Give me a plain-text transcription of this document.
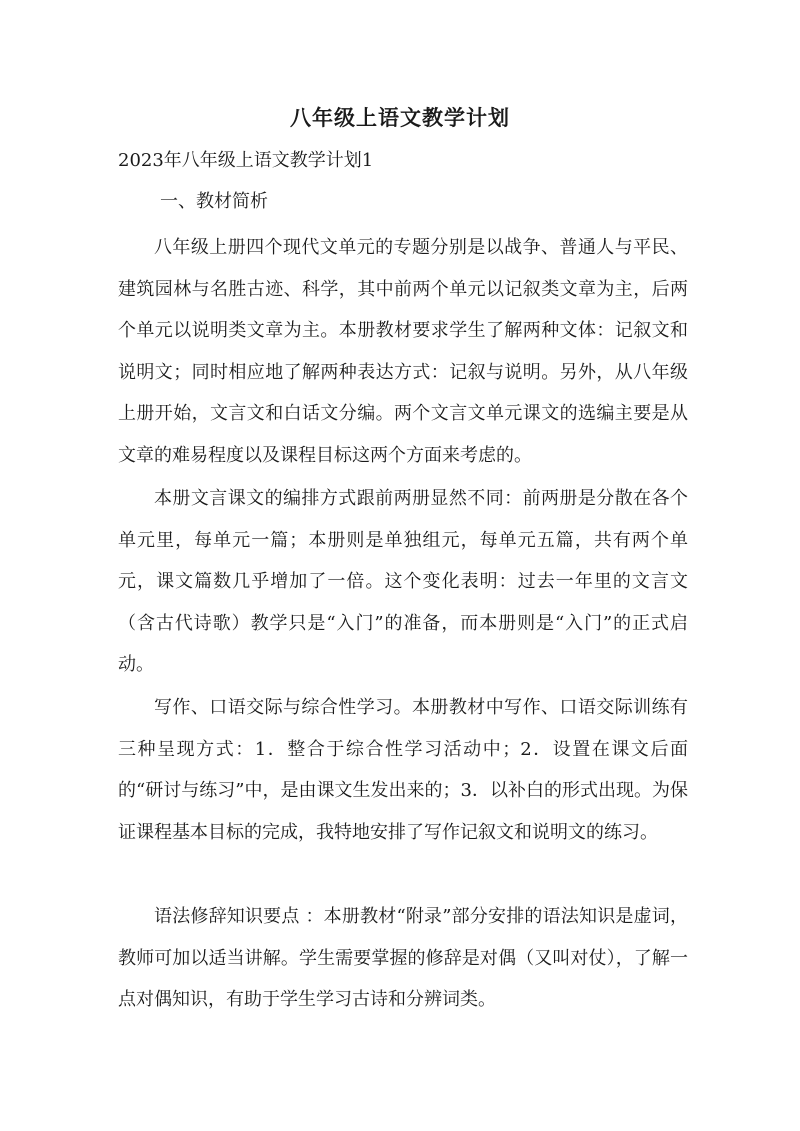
八年级上语文教学计划
2023年八年级上语文教学计划1
一、教材简析
八年级上册四个现代文单元的专题分别是以战争、普通人与平民、建筑园林与名胜古迹、科学，其中前两个单元以记叙类文章为主，后两个单元以说明类文章为主。本册教材要求学生了解两种文体：记叙文和说明文；同时相应地了解两种表达方式：记叙与说明。另外，从八年级上册开始，文言文和白话文分编。两个文言文单元课文的选编主要是从文章的难易程度以及课程目标这两个方面来考虑的。
本册文言课文的编排方式跟前两册显然不同：前两册是分散在各个单元里，每单元一篇；本册则是单独组元，每单元五篇，共有两个单元，课文篇数几乎增加了一倍。这个变化表明：过去一年里的文言文（含古代诗歌）教学只是“入门”的准备，而本册则是“入门”的正式启动。
写作、口语交际与综合性学习。本册教材中写作、口语交际训练有三种呈现方式：1．整合于综合性学习活动中；2．设置在课文后面的“研讨与练习”中，是由课文生发出来的；3．以补白的形式出现。为保证课程基本目标的完成，我特地安排了写作记叙文和说明文的练习。
语法修辞知识要点 ：本册教材“附录”部分安排的语法知识是虚词，教师可加以适当讲解。学生需要掌握的修辞是对偶（又叫对仗），了解一点对偶知识，有助于学生学习古诗和分辨词类。
